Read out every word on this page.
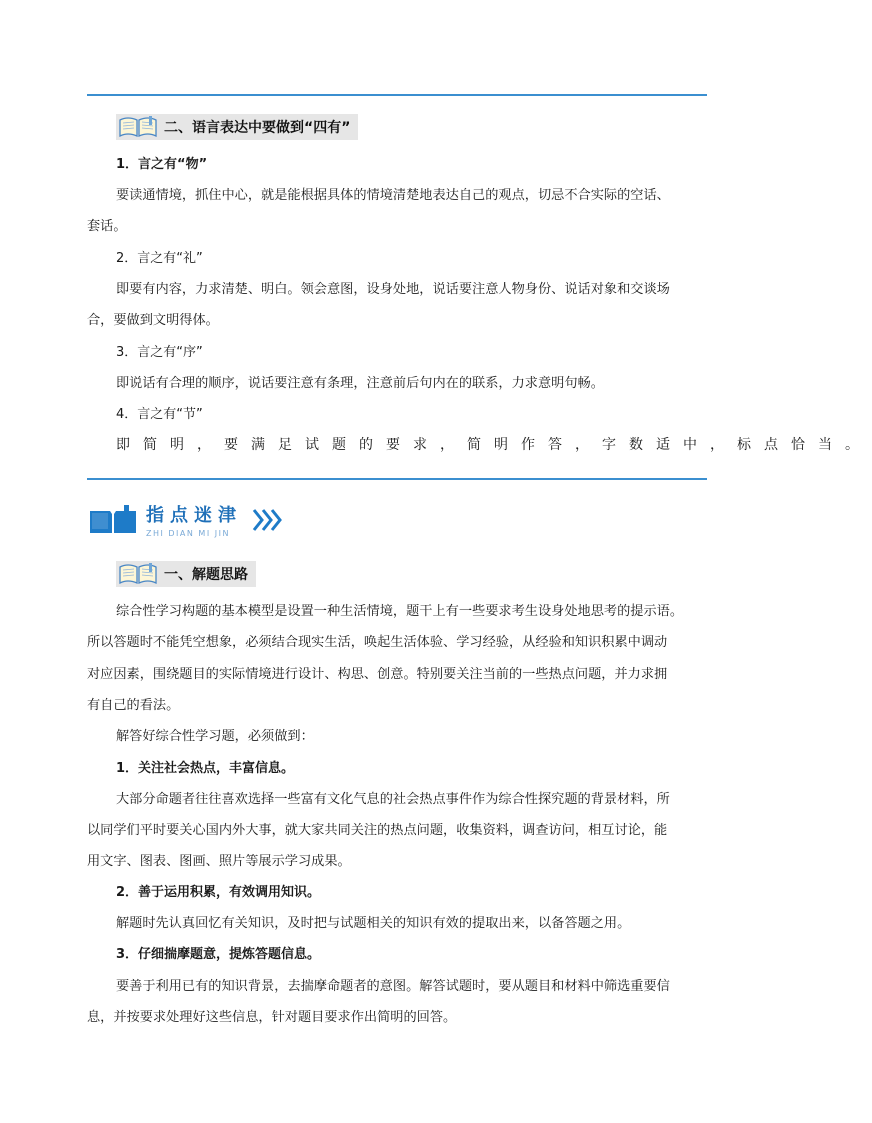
二、语言表达中要做到“四有”
1．言之有“物”
要读通情境，抓住中心，就是能根据具体的情境清楚地表达自己的观点，切忌不合实际的空话、
套话。
2．言之有“礼”
即要有内容，力求清楚、明白。领会意图，设身处地，说话要注意人物身份、说话对象和交谈场
合，要做到文明得体。
3．言之有“序”
即说话有合理的顺序，说话要注意有条理，注意前后句内在的联系，力求意明句畅。
4．言之有“节”
即简明，要满足试题的要求，简明作答，字数适中，标点恰当。
指点迷津
ZHI DIAN MI JIN
一、解题思路
综合性学习构题的基本模型是设置一种生活情境，题干上有一些要求考生设身处地思考的提示语。
所以答题时不能凭空想象，必须结合现实生活，唤起生活体验、学习经验，从经验和知识积累中调动
对应因素，围绕题目的实际情境进行设计、构思、创意。特别要关注当前的一些热点问题，并力求拥
有自己的看法。
解答好综合性学习题，必须做到：
1．关注社会热点，丰富信息。
大部分命题者往往喜欢选择一些富有文化气息的社会热点事件作为综合性探究题的背景材料，所
以同学们平时要关心国内外大事，就大家共同关注的热点问题，收集资料，调查访问，相互讨论，能
用文字、图表、图画、照片等展示学习成果。
2．善于运用积累，有效调用知识。
解题时先认真回忆有关知识，及时把与试题相关的知识有效的提取出来，以备答题之用。
3．仔细揣摩题意，提炼答题信息。
要善于利用已有的知识背景，去揣摩命题者的意图。解答试题时，要从题目和材料中筛选重要信
息，并按要求处理好这些信息，针对题目要求作出简明的回答。
